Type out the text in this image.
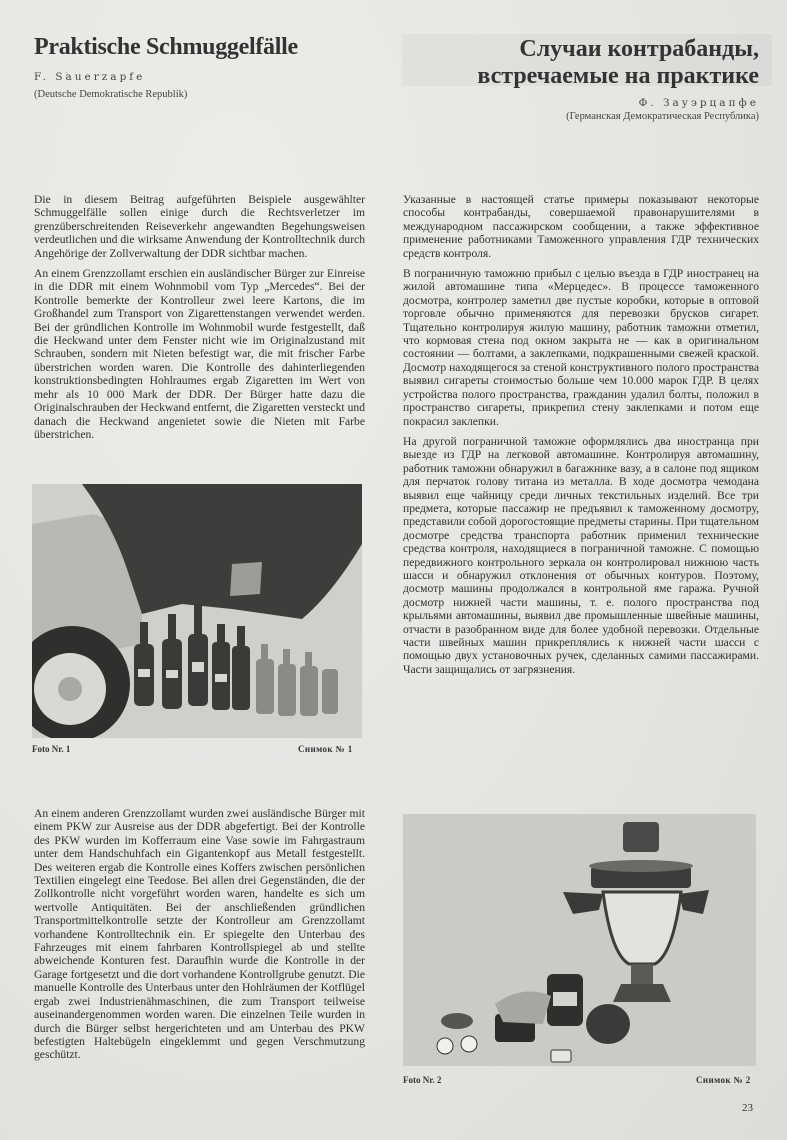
Praktische Schmuggelfälle
F. Sauerzapfe
(Deutsche Demokratische Republik)
Случаи контрабанды,
встречаемые на практике
Ф. Зауэрцапфе
(Германская Демократическая Республика)

Die in diesem Beitrag aufgeführten Beispiele ausgewählter Schmuggelfälle sollen einige durch die Rechtsverletzer im grenzüberschreitenden Reiseverkehr angewandten Begehungsweisen verdeutlichen und die wirksame Anwendung der Kontrolltechnik durch Angehörige der Zollverwaltung der DDR sichtbar machen.

An einem Grenzzollamt erschien ein ausländischer Bürger zur Einreise in die DDR mit einem Wohnmobil vom Typ „Mercedes“. Bei der Kontrolle bemerkte der Kontrolleur zwei leere Kartons, die im Großhandel zum Transport von Zigarettenstangen verwendet werden. Bei der gründlichen Kontrolle im Wohnmobil wurde festgestellt, daß die Heckwand unter dem Fenster nicht wie im Originalzustand mit Schrauben, sondern mit Nieten befestigt war, die mit frischer Farbe überstrichen worden waren. Die Kontrolle des dahinterliegenden konstruktionsbedingten Hohlraumes ergab Zigaretten im Wert von mehr als 10 000 Mark der DDR. Der Bürger hatte dazu die Originalschrauben der Heckwand entfernt, die Zigaretten versteckt und danach die Heckwand angenietet sowie die Nieten mit Farbe überstrichen.

Указанные в настоящей статье примеры показывают некоторые способы контрабанды, совершаемой правонарушителями в международном пассажирском сообщении, а также эффективное применение работниками Таможенного управления ГДР технических средств контроля.

В пограничную таможню прибыл с целью въезда в ГДР иностранец на жилой автомашине типа «Мерцедес». В процессе таможенного досмотра, контролер заметил две пустые коробки, которые в оптовой торговле обычно применяются для перевозки брусков сигарет. Тщательно контролируя жилую машину, работник таможни отметил, что кормовая стена под окном закрыта не — как в оригинальном состоянии — болтами, а заклепками, подкрашенными свежей краской. Досмотр находящегося за стеной конструктивного полого пространства выявил сигареты стоимостью больше чем 10.000 марок ГДР. В целях устройства полого пространства, гражданин удалил болты, положил в пространство сигареты, прикрепил стену заклепками и потом еще покрасил заклепки.

На другой пограничной таможне оформлялись два иностранца при выезде из ГДР на легковой автомашине. Контролируя автомашину, работник таможни обнаружил в багажнике вазу, а в салоне под ящиком для перчаток голову титана из металла. В ходе досмотра чемодана выявил еще чайницу среди личных текстильных изделий. Все три предмета, которые пассажир не предъявил к таможенному досмотру, представили собой дорогостоящие предметы старины. При тщательном досмотре средства транспорта работник применил технические средства контроля, находящиеся в пограничной таможне. С помощью передвижного контрольного зеркала он контролировал нижнюю часть шасси и обнаружил отклонения от обычных контуров. Поэтому, досмотр машины продолжался в контрольной яме гаража. Ручной досмотр нижней части машины, т. е. полого пространства под крыльями автомашины, выявил две промышленные швейные машины, отчасти в разобранном виде для более удобной перевозки. Отдельные части швейных машин прикреплялись к нижней части шасси с помощью двух установочных ручек, сделанных самими пассажирами. Части защищались от загрязнения.

Foto Nr. 1	Снимок № 1

An einem anderen Grenzzollamt wurden zwei ausländische Bürger mit einem PKW zur Ausreise aus der DDR abgefertigt. Bei der Kontrolle des PKW wurden im Kofferraum eine Vase sowie im Fahrgastraum unter dem Handschuhfach ein Gigantenkopf aus Metall festgestellt. Des weiteren ergab die Kontrolle eines Koffers zwischen persönlichen Textilien eingelegt eine Teedose. Bei allen drei Gegenständen, die der Zollkontrolle nicht vorgeführt worden waren, handelte es sich um wertvolle Antiquitäten. Bei der anschließenden gründlichen Transportmittelkontrolle setzte der Kontrolleur am Grenzzollamt vorhandene Kontrolltechnik ein. Er spiegelte den Unterbau des Fahrzeuges mit einem fahrbaren Kontrollspiegel ab und stellte abweichende Konturen fest. Daraufhin wurde die Kontrolle in der Garage fortgesetzt und die dort vorhandene Kontrollgrube genutzt. Die manuelle Kontrolle des Unterbaus unter den Hohlräumen der Kotflügel ergab zwei Industrienähmaschinen, die zum Transport teilweise auseinandergenommen worden waren. Die einzelnen Teile wurden in durch die Bürger selbst hergerichteten und am Unterbau des PKW befestigten Haltebügeln eingeklemmt und gegen Verschmutzung geschützt.

Foto Nr. 2	Снимок № 2
23
